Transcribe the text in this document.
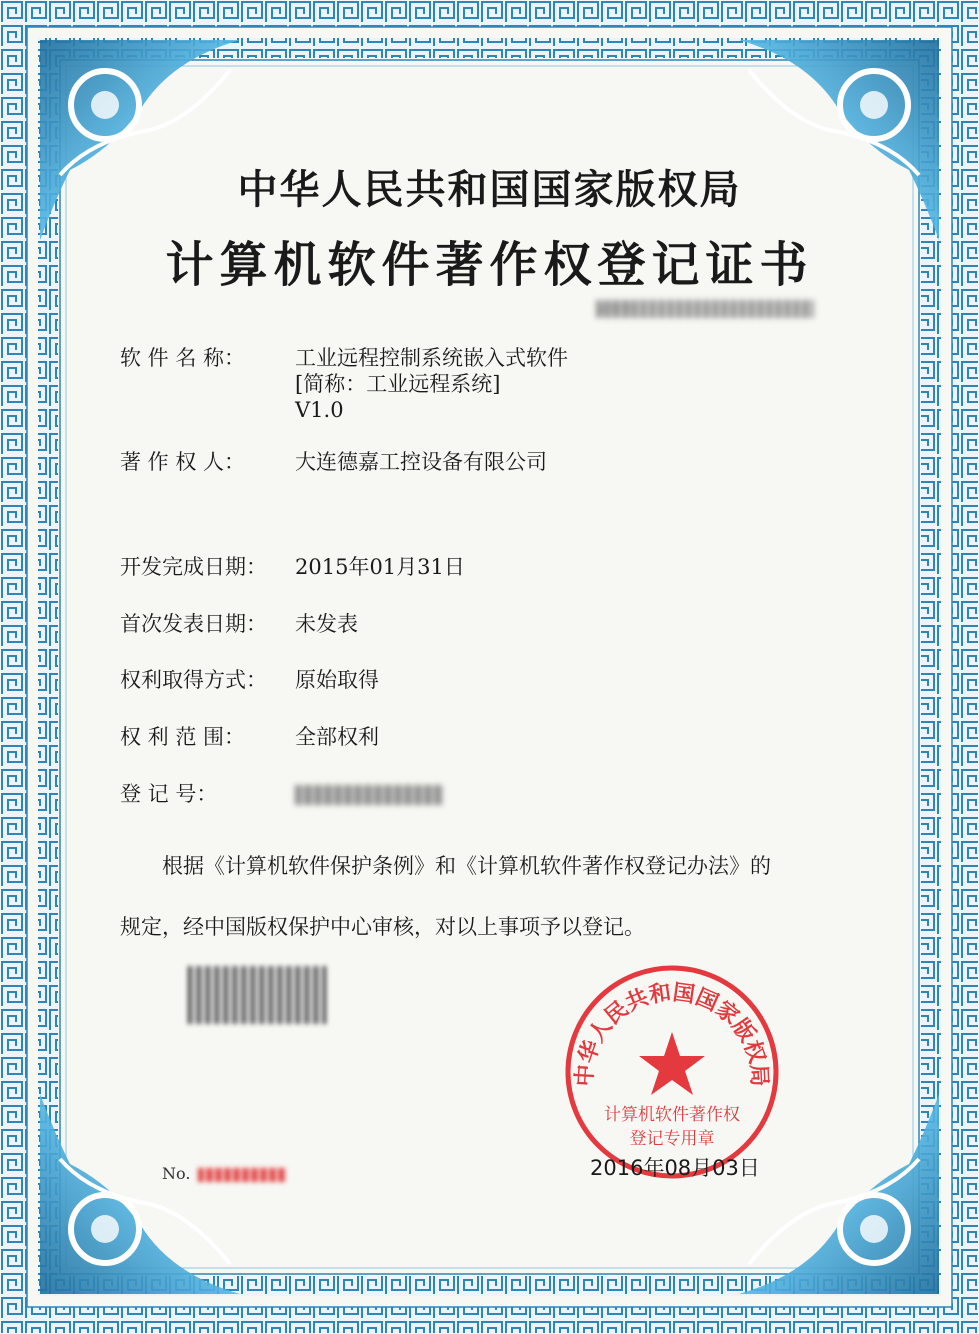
中华人民共和国国家版权局
计算机软件著作权登记证书
证书号：
软 件 名 称： 工业远程控制系统嵌入式软件
[简称：工业远程系统]
V1.0
著 作 权 人：	大连德嘉工控设备有限公司
开发完成日期：	2015年01月31日
首次发表日期：	未发表
权利取得方式：	原始取得
权 利 范 围：	全部权利
登 记 号：
根据《计算机软件保护条例》和《计算机软件著作权登记办法》的
规定，经中国版权保护中心审核，对以上事项予以登记。
No.
中华人民共和国国家版权局
计算机软件著作权
登记专用章
2016年08月03日
